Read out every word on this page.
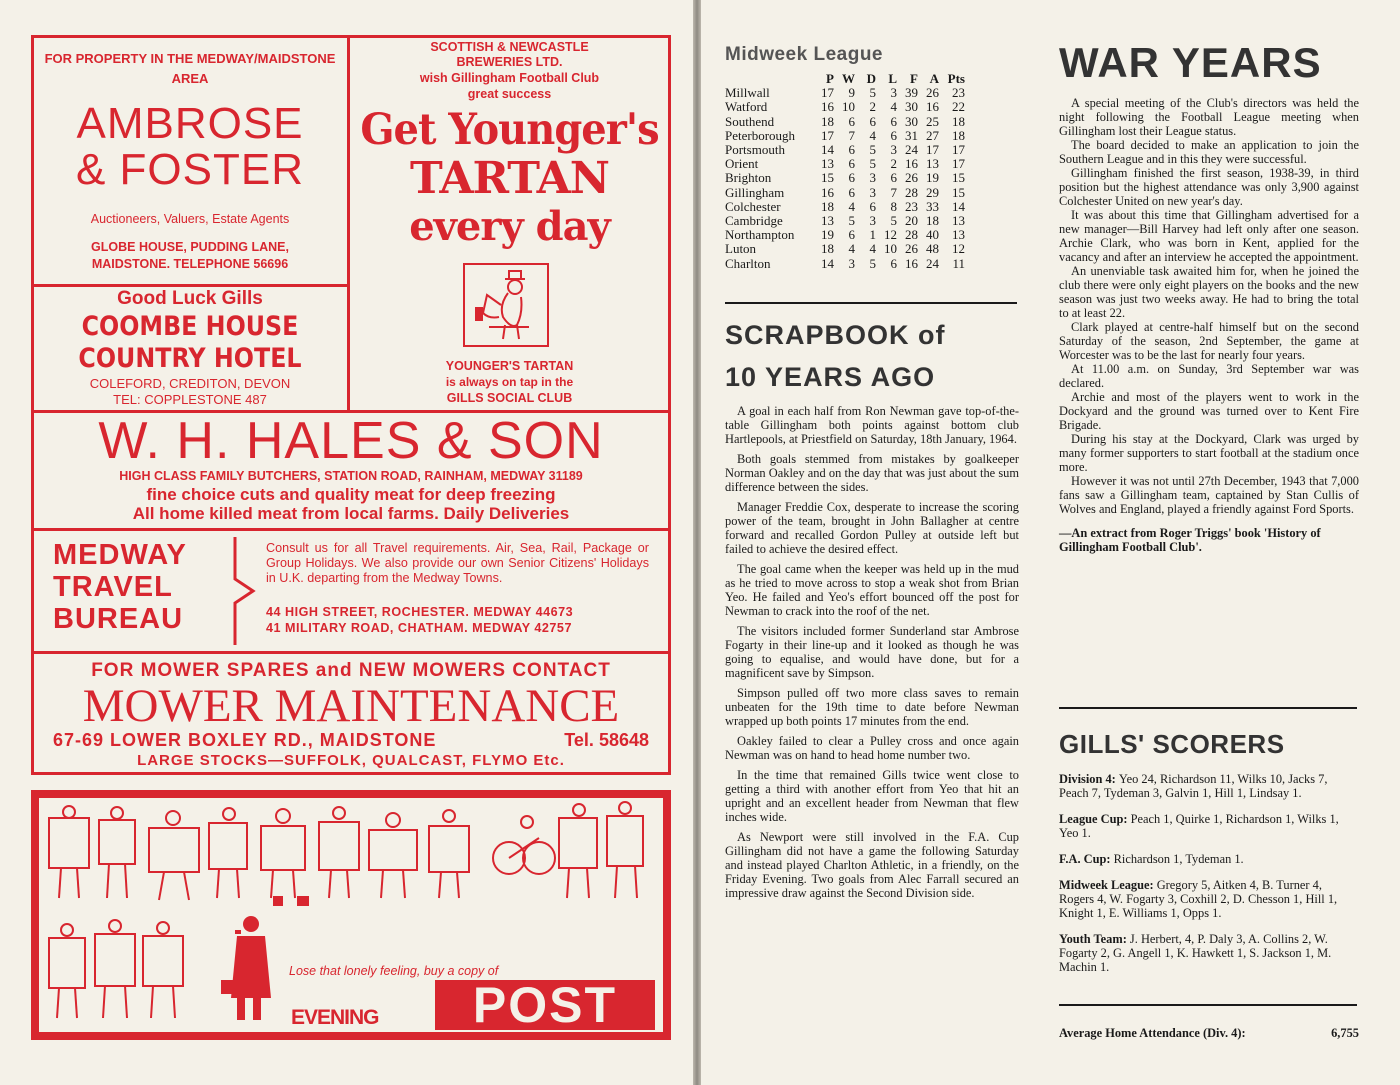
FOR PROPERTY IN THE MEDWAY/MAIDSTONE AREA
AMBROSE
& FOSTER
Auctioneers, Valuers, Estate Agents
GLOBE HOUSE, PUDDING LANE,
MAIDSTONE. TELEPHONE 56696
SCOTTISH & NEWCASTLE
BREWERIES LTD.
wish Gillingham Football Club
great success
Get Younger's
TARTAN
every day
YOUNGER'S TARTAN
is always on tap in the
GILLS SOCIAL CLUB
Good Luck Gills
COOMBE HOUSE
COUNTRY HOTEL
COLEFORD, CREDITON, DEVON
TEL: COPPLESTONE 487
W. H. HALES & SON
HIGH CLASS FAMILY BUTCHERS, STATION ROAD, RAINHAM, MEDWAY 31189
fine choice cuts and quality meat for deep freezing
All home killed meat from local farms. Daily Deliveries
MEDWAY
TRAVEL
BUREAU
Consult us for all Travel requirements. Air, Sea, Rail, Package or Group Holidays. We also provide our own Senior Citizens' Holidays in U.K. departing from the Medway Towns.
44 HIGH STREET, ROCHESTER. MEDWAY 44673
41 MILITARY ROAD, CHATHAM. MEDWAY 42757
FOR MOWER SPARES and NEW MOWERS CONTACT
MOWER MAINTENANCE
67-69 LOWER BOXLEY RD., MAIDSTONE	Tel. 58648
LARGE STOCKS—SUFFOLK, QUALCAST, FLYMO Etc.
Lose that lonely feeling, buy a copy of
EVENING	POST
Midweek League
	P	W	D	L	F	A	Pts
Millwall	17	9	5	3	39	26	23
Watford	16	10	2	4	30	16	22
Southend	18	6	6	6	30	25	18
Peterborough	17	7	4	6	31	27	18
Portsmouth	14	6	5	3	24	17	17
Orient	13	6	5	2	16	13	17
Brighton	15	6	3	6	26	19	15
Gillingham	16	6	3	7	28	29	15
Colchester	18	4	6	8	23	33	14
Cambridge	13	5	3	5	20	18	13
Northampton	19	6	1	12	28	40	13
Luton	18	4	4	10	26	48	12
Charlton	14	3	5	6	16	24	11
SCRAPBOOK of
10 YEARS AGO

A goal in each half from Ron Newman gave top-of-the-table Gillingham both points against bottom club Hartlepools, at Priestfield on Saturday, 18th January, 1964.

Both goals stemmed from mistakes by goalkeeper Norman Oakley and on the day that was just about the sum difference between the sides.

Manager Freddie Cox, desperate to increase the scoring power of the team, brought in John Ballagher at centre forward and recalled Gordon Pulley at outside left but failed to achieve the desired effect.

The goal came when the keeper was held up in the mud as he tried to move across to stop a weak shot from Brian Yeo. He failed and Yeo's effort bounced off the post for Newman to crack into the roof of the net.

The visitors included former Sunderland star Ambrose Fogarty in their line-up and it looked as though he was going to equalise, and would have done, but for a magnificent save by Simpson.

Simpson pulled off two more class saves to remain unbeaten for the 19th time to date before Newman wrapped up both points 17 minutes from the end.

Oakley failed to clear a Pulley cross and once again Newman was on hand to head home number two.

In the time that remained Gills twice went close to getting a third with another effort from Yeo that hit an upright and an excellent header from Newman that flew inches wide.

As Newport were still involved in the F.A. Cup Gillingham did not have a game the following Saturday and instead played Charlton Athletic, in a friendly, on the Friday Evening. Two goals from Alec Farrall secured an impressive draw against the Second Division side.

WAR YEARS

A special meeting of the Club's directors was held the night following the Football League meeting when Gillingham lost their League status.

The board decided to make an application to join the Southern League and in this they were successful.

Gillingham finished the first season, 1938-39, in third position but the highest attendance was only 3,900 against Colchester United on new year's day.

It was about this time that Gillingham advertised for a new manager—Bill Harvey had left only after one season. Archie Clark, who was born in Kent, applied for the vacancy and after an interview he accepted the appointment.

An unenviable task awaited him for, when he joined the club there were only eight players on the books and the new season was just two weeks away. He had to bring the total to at least 22.

Clark played at centre-half himself but on the second Saturday of the season, 2nd September, the game at Worcester was to be the last for nearly four years.

At 11.00 a.m. on Sunday, 3rd September war was declared.

Archie and most of the players went to work in the Dockyard and the ground was turned over to Kent Fire Brigade.

During his stay at the Dockyard, Clark was urged by many former supporters to start football at the stadium once more.

However it was not until 27th December, 1943 that 7,000 fans saw a Gillingham team, captained by Stan Cullis of Wolves and England, played a friendly against Ford Sports.

—An extract from Roger Triggs' book 'History of Gillingham Football Club'.
GILLS' SCORERS

Division 4: Yeo 24, Richardson 11, Wilks 10, Jacks 7, Peach 7, Tydeman 3, Galvin 1, Hill 1, Lindsay 1.

League Cup: Peach 1, Quirke 1, Richardson 1, Wilks 1, Yeo 1.

F.A. Cup: Richardson 1, Tydeman 1.

Midweek League: Gregory 5, Aitken 4, B. Turner 4, Rogers 4, W. Fogarty 3, Coxhill 2, D. Chesson 1, Hill 1, Knight 1, E. Williams 1, Opps 1.

Youth Team: J. Herbert, 4, P. Daly 3, A. Collins 2, W. Fogarty 2, G. Angell 1, K. Hawkett 1, S. Jackson 1, M. Machin 1.

Average Home Attendance (Div. 4):	6,755
